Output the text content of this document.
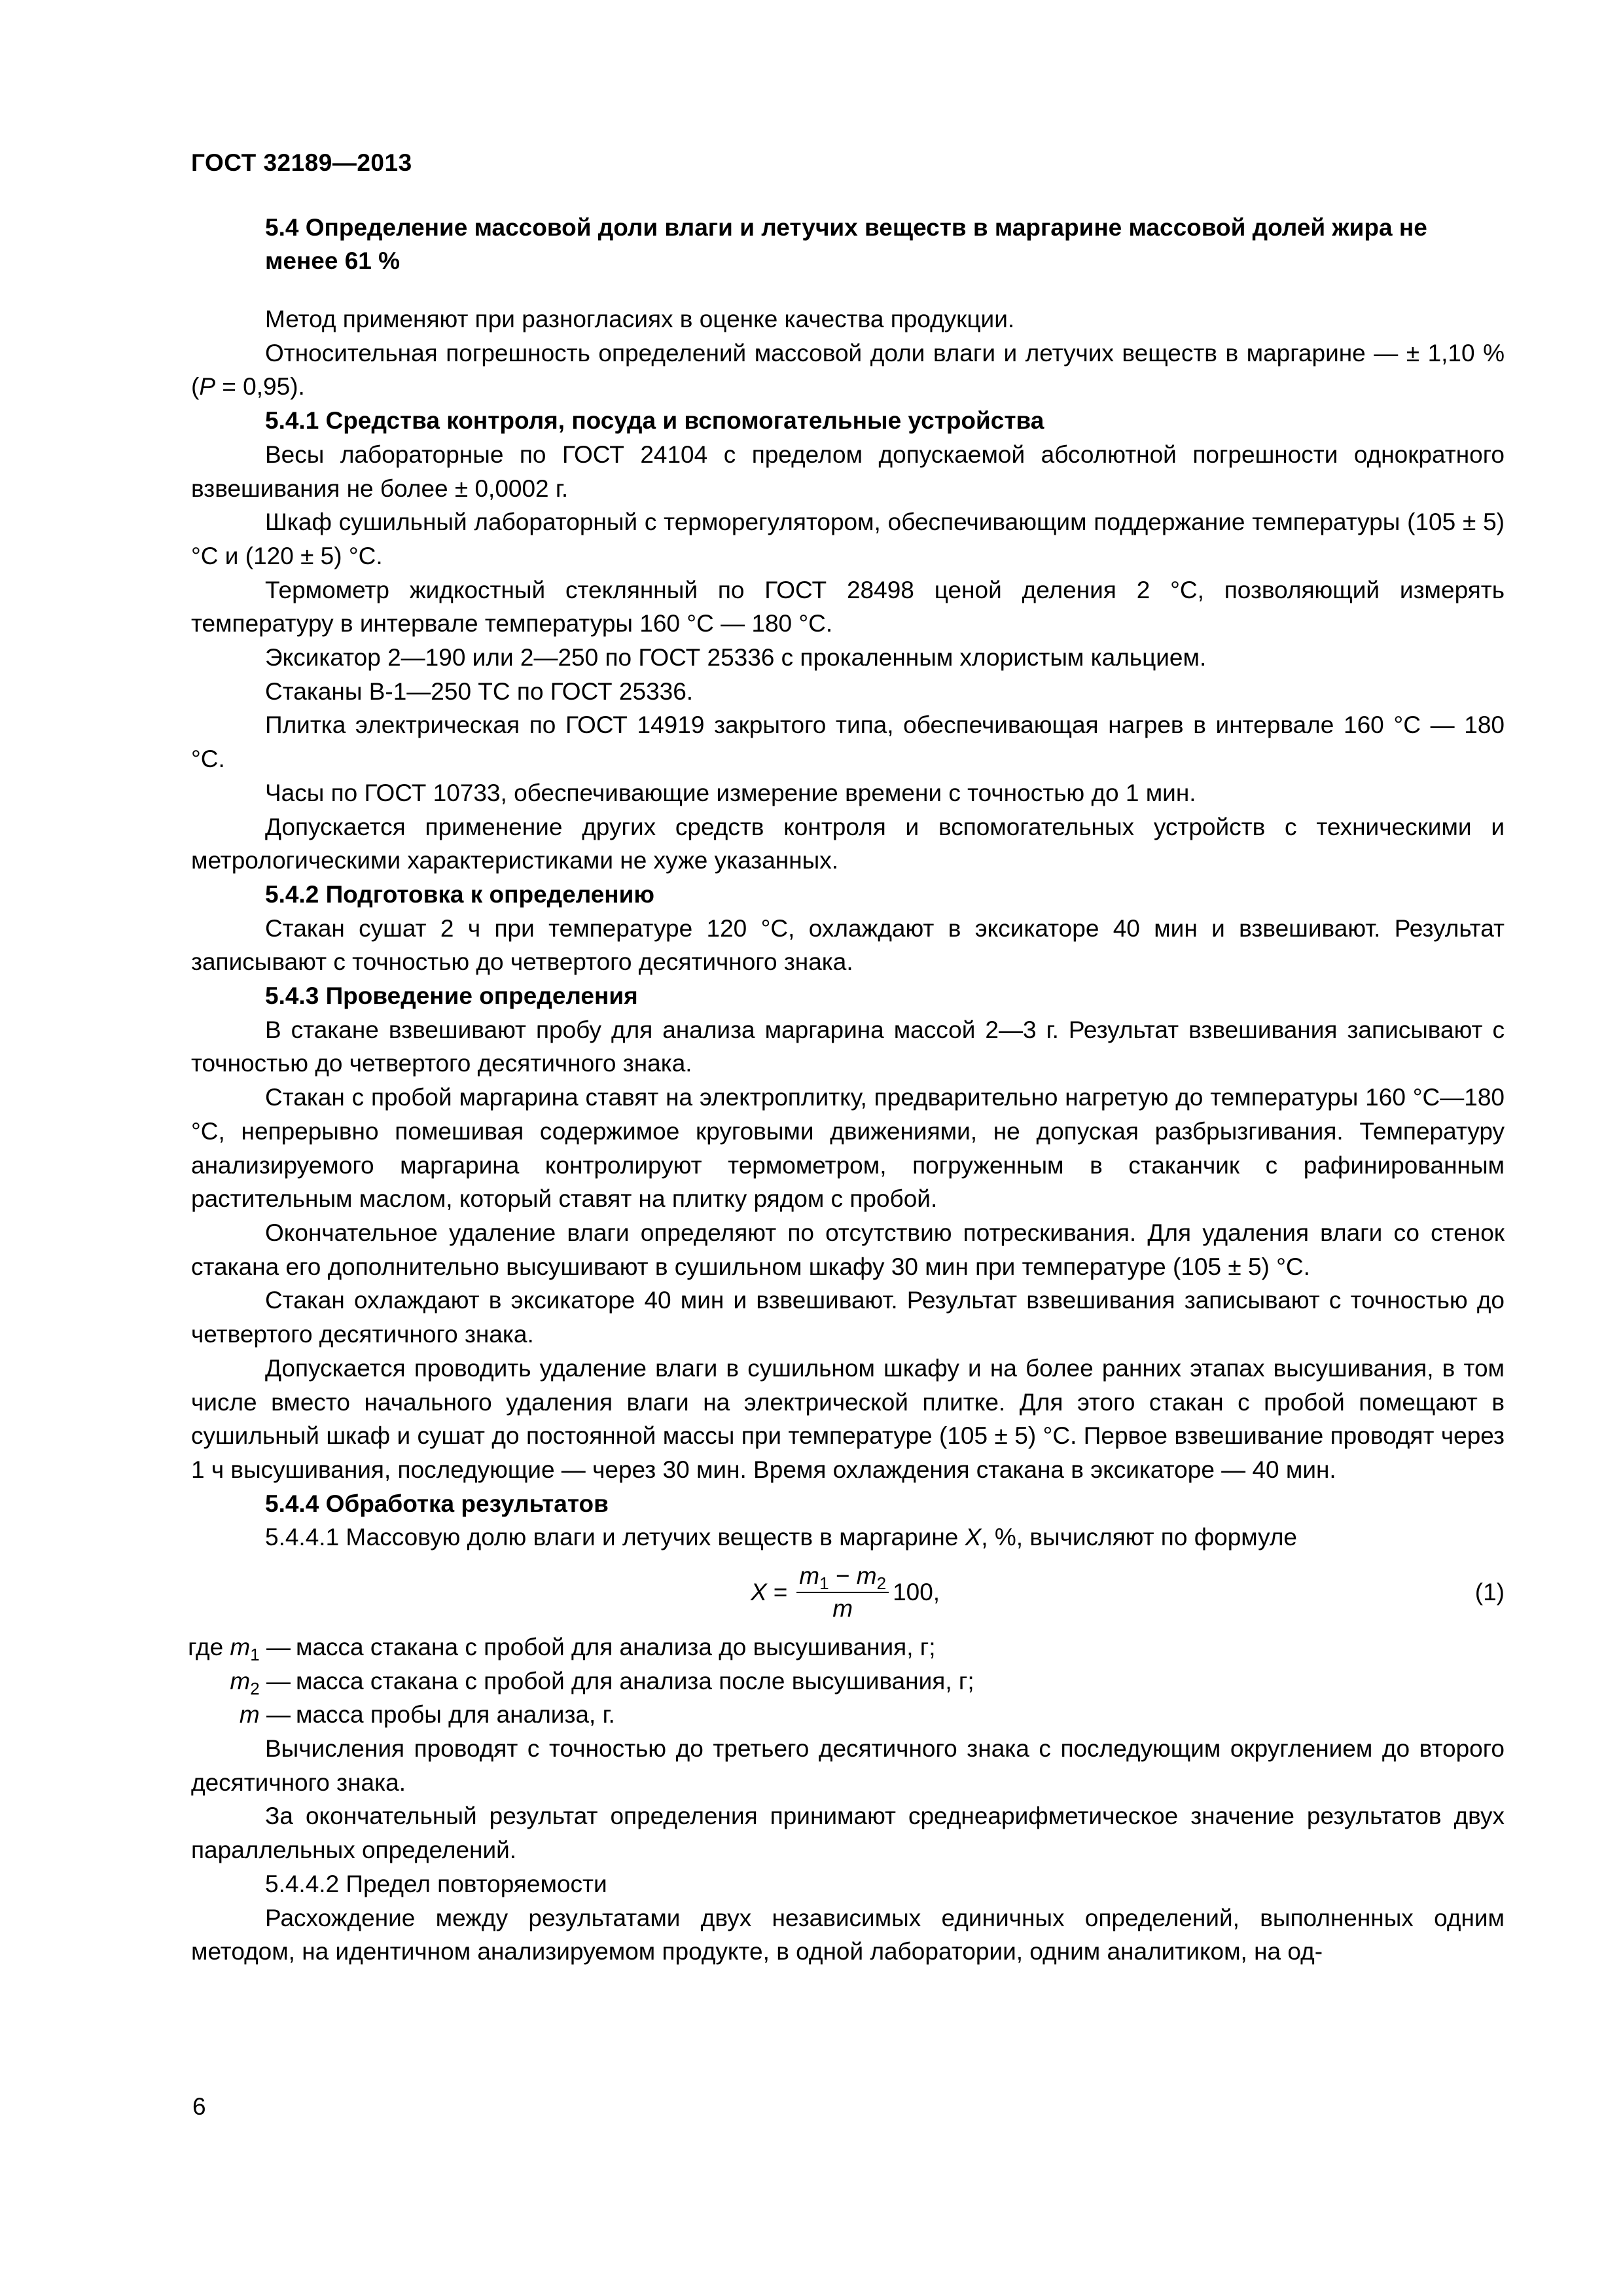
ГОСТ 32189—2013
5.4 Определение массовой доли влаги и летучих веществ в маргарине массовой долей жира не менее 61 %

Метод применяют при разногласиях в оценке качества продукции.

Относительная погрешность определений массовой доли влаги и летучих веществ в маргарине — ± 1,10 % (P = 0,95).

5.4.1 Средства контроля, посуда и вспомогательные устройства

Весы лабораторные по ГОСТ 24104 с пределом допускаемой абсолютной погрешности однократного взвешивания не более ± 0,0002 г.

Шкаф сушильный лабораторный с терморегулятором, обеспечивающим поддержание температуры (105 ± 5) °С и (120 ± 5) °С.

Термометр жидкостный стеклянный по ГОСТ 28498 ценой деления 2 °С, позволяющий измерять температуру в интервале температуры 160 °С — 180 °С.

Эксикатор 2—190 или 2—250 по ГОСТ 25336 с прокаленным хлористым кальцием.

Стаканы В-1—250 ТС по ГОСТ 25336.

Плитка электрическая по ГОСТ 14919 закрытого типа, обеспечивающая нагрев в интервале 160 °С — 180 °С.

Часы по ГОСТ 10733, обеспечивающие измерение времени с точностью до 1 мин.

Допускается применение других средств контроля и вспомогательных устройств с техническими и метрологическими характеристиками не хуже указанных.

5.4.2 Подготовка к определению

Стакан сушат 2 ч при температуре 120 °С, охлаждают в эксикаторе 40 мин и взвешивают. Результат записывают с точностью до четвертого десятичного знака.

5.4.3 Проведение определения

В стакане взвешивают пробу для анализа маргарина массой 2—3 г. Результат взвешивания записывают с точностью до четвертого десятичного знака.

Стакан с пробой маргарина ставят на электроплитку, предварительно нагретую до температуры 160 °С—180 °С, непрерывно помешивая содержимое круговыми движениями, не допуская разбрызгивания. Температуру анализируемого маргарина контролируют термометром, погруженным в стаканчик с рафинированным растительным маслом, который ставят на плитку рядом с пробой.

Окончательное удаление влаги определяют по отсутствию потрескивания. Для удаления влаги со стенок стакана его дополнительно высушивают в сушильном шкафу 30 мин при температуре (105 ± 5) °С.

Стакан охлаждают в эксикаторе 40 мин и взвешивают. Результат взвешивания записывают с точностью до четвертого десятичного знака.

Допускается проводить удаление влаги в сушильном шкафу и на более ранних этапах высушивания, в том числе вместо начального удаления влаги на электрической плитке. Для этого стакан с пробой помещают в сушильный шкаф и сушат до постоянной массы при температуре (105 ± 5) °С. Первое взвешивание проводят через 1 ч высушивания, последующие — через 30 мин. Время охлаждения стакана в эксикаторе — 40 мин.

5.4.4 Обработка результатов

5.4.4.1 Массовую долю влаги и летучих веществ в маргарине X, %, вычисляют по формуле

$X = \frac{m_1 - m_2}{m} 100$,	(1)
где $m_1$ — масса стакана с пробой для анализа до высушивания, г;
$m_2$ — масса стакана с пробой для анализа после высушивания, г;
m — масса пробы для анализа, г.

Вычисления проводят с точностью до третьего десятичного знака с последующим округлением до второго десятичного знака.

За окончательный результат определения принимают среднеарифметическое значение результатов двух параллельных определений.

5.4.4.2 Предел повторяемости

Расхождение между результатами двух независимых единичных определений, выполненных одним методом, на идентичном анализируемом продукте, в одной лаборатории, одним аналитиком, на од-

6
